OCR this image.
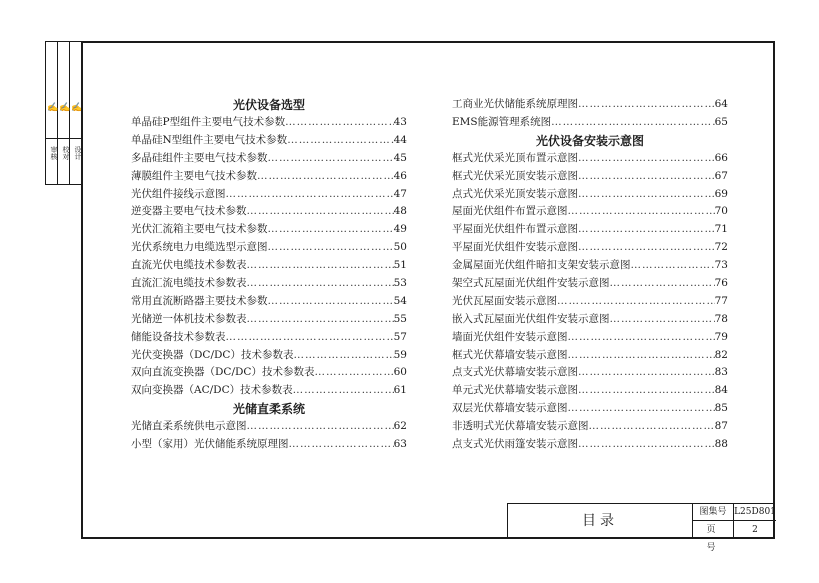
✍ ✍ ✍
审核 校对 设计
光伏设备选型
单晶硅P型组件主要电气技术参数 …………………………………………………………………………………………………………	43
单晶硅N型组件主要电气技术参数 …………………………………………………………………………………………………………	44
多晶硅组件主要电气技术参数 …………………………………………………………………………………………………………	45
薄膜组件主要电气技术参数 …………………………………………………………………………………………………………	46
光伏组件接线示意图 …………………………………………………………………………………………………………	47
逆变器主要电气技术参数 …………………………………………………………………………………………………………	48
光伏汇流箱主要电气技术参数 …………………………………………………………………………………………………………	49
光伏系统电力电缆选型示意图 …………………………………………………………………………………………………………	50
直流光伏电缆技术参数表 …………………………………………………………………………………………………………	51
直流汇流电缆技术参数表 …………………………………………………………………………………………………………	53
常用直流断路器主要技术参数 …………………………………………………………………………………………………………	54
光储逆一体机技术参数表 …………………………………………………………………………………………………………	55
储能设备技术参数表 …………………………………………………………………………………………………………	57
光伏变换器（DC/DC）技术参数表 …………………………………………………………………………………………………………	59
双向直流变换器（DC/DC）技术参数表 …………………………………………………………………………………………………………	60
双向变换器（AC/DC）技术参数表 …………………………………………………………………………………………………………	61
光储直柔系统
光储直柔系统供电示意图 …………………………………………………………………………………………………………	62
小型（家用）光伏储能系统原理图 …………………………………………………………………………………………………………	63
工商业光伏储能系统原理图 …………………………………………………………………………………………………………	64
EMS能源管理系统图 …………………………………………………………………………………………………………	65
光伏设备安装示意图
框式光伏采光顶布置示意图 …………………………………………………………………………………………………………	66
框式光伏采光顶安装示意图 …………………………………………………………………………………………………………	67
点式光伏采光顶安装示意图 …………………………………………………………………………………………………………	69
屋面光伏组件布置示意图 …………………………………………………………………………………………………………	70
平屋面光伏组件布置示意图 …………………………………………………………………………………………………………	71
平屋面光伏组件安装示意图 …………………………………………………………………………………………………………	72
金属屋面光伏组件暗扣支架安装示意图 …………………………………………………………………………………………………………	73
架空式瓦屋面光伏组件安装示意图 …………………………………………………………………………………………………………	76
光伏瓦屋面安装示意图 …………………………………………………………………………………………………………	77
嵌入式瓦屋面光伏组件安装示意图 …………………………………………………………………………………………………………	78
墙面光伏组件安装示意图 …………………………………………………………………………………………………………	79
框式光伏幕墙安装示意图 …………………………………………………………………………………………………………	82
点支式光伏幕墙安装示意图 …………………………………………………………………………………………………………	83
单元式光伏幕墙安装示意图 …………………………………………………………………………………………………………	84
双层光伏幕墙安装示意图 …………………………………………………………………………………………………………	85
非透明式光伏幕墙安装示意图 …………………………………………………………………………………………………………	87
点支式光伏雨篷安装示意图 …………………………………………………………………………………………………………	88
目录
图集号 L25D801
页号
2
